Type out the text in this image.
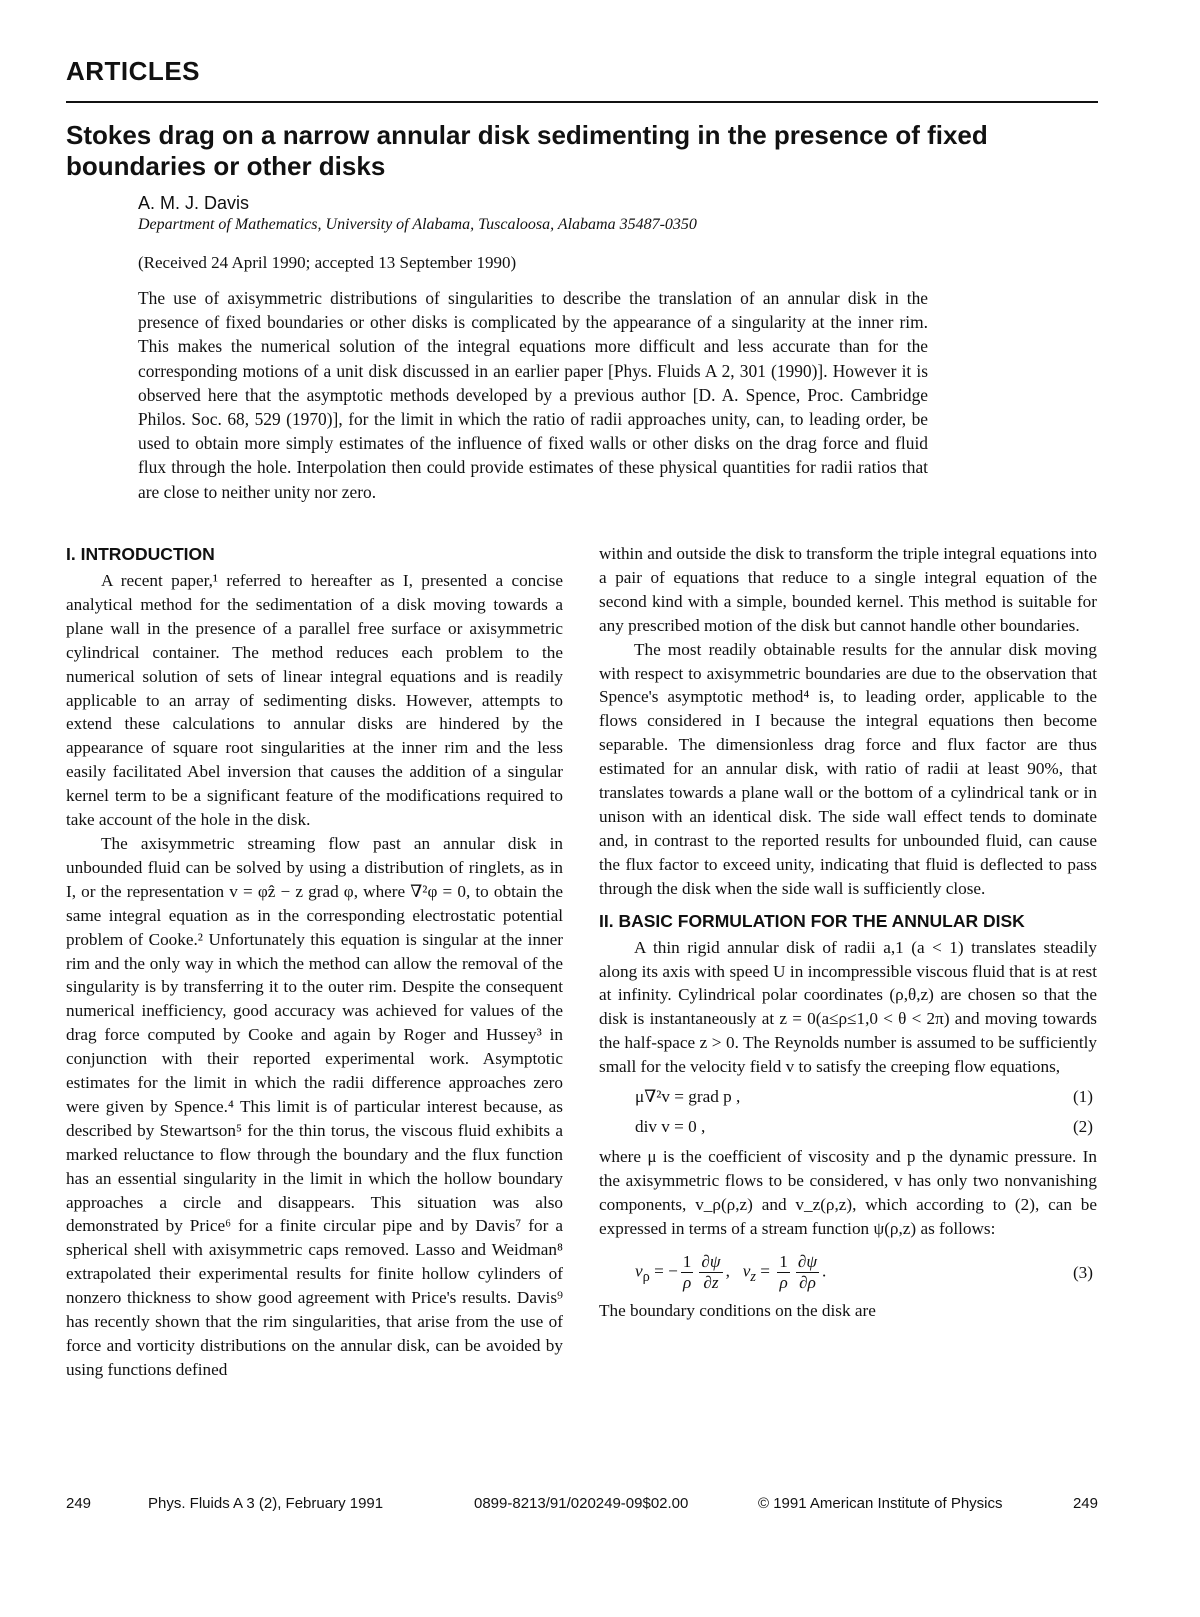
ARTICLES
Stokes drag on a narrow annular disk sedimenting in the presence of fixed boundaries or other disks
A. M. J. Davis
Department of Mathematics, University of Alabama, Tuscaloosa, Alabama 35487-0350
(Received 24 April 1990; accepted 13 September 1990)
The use of axisymmetric distributions of singularities to describe the translation of an annular disk in the presence of fixed boundaries or other disks is complicated by the appearance of a singularity at the inner rim. This makes the numerical solution of the integral equations more difficult and less accurate than for the corresponding motions of a unit disk discussed in an earlier paper [Phys. Fluids A 2, 301 (1990)]. However it is observed here that the asymptotic methods developed by a previous author [D. A. Spence, Proc. Cambridge Philos. Soc. 68, 529 (1970)], for the limit in which the ratio of radii approaches unity, can, to leading order, be used to obtain more simply estimates of the influence of fixed walls or other disks on the drag force and fluid flux through the hole. Interpolation then could provide estimates of these physical quantities for radii ratios that are close to neither unity nor zero.
I. INTRODUCTION

A recent paper,¹ referred to hereafter as I, presented a concise analytical method for the sedimentation of a disk moving towards a plane wall in the presence of a parallel free surface or axisymmetric cylindrical container. The method reduces each problem to the numerical solution of sets of linear integral equations and is readily applicable to an array of sedimenting disks. However, attempts to extend these calculations to annular disks are hindered by the appearance of square root singularities at the inner rim and the less easily facilitated Abel inversion that causes the addition of a singular kernel term to be a significant feature of the modifications required to take account of the hole in the disk.

The axisymmetric streaming flow past an annular disk in unbounded fluid can be solved by using a distribution of ringlets, as in I, or the representation v = φẑ − z grad φ, where ∇²φ = 0, to obtain the same integral equation as in the corresponding electrostatic potential problem of Cooke.² Unfortunately this equation is singular at the inner rim and the only way in which the method can allow the removal of the singularity is by transferring it to the outer rim. Despite the consequent numerical inefficiency, good accuracy was achieved for values of the drag force computed by Cooke and again by Roger and Hussey³ in conjunction with their reported experimental work. Asymptotic estimates for the limit in which the radii difference approaches zero were given by Spence.⁴ This limit is of particular interest because, as described by Stewartson⁵ for the thin torus, the viscous fluid exhibits a marked reluctance to flow through the boundary and the flux function has an essential singularity in the limit in which the hollow boundary approaches a circle and disappears. This situation was also demonstrated by Price⁶ for a finite circular pipe and by Davis⁷ for a spherical shell with axisymmetric caps removed. Lasso and Weidman⁸ extrapolated their experimental results for finite hollow cylinders of nonzero thickness to show good agreement with Price's results. Davis⁹ has recently shown that the rim singularities, that arise from the use of force and vorticity distributions on the annular disk, can be avoided by using functions defined

within and outside the disk to transform the triple integral equations into a pair of equations that reduce to a single integral equation of the second kind with a simple, bounded kernel. This method is suitable for any prescribed motion of the disk but cannot handle other boundaries.

The most readily obtainable results for the annular disk moving with respect to axisymmetric boundaries are due to the observation that Spence's asymptotic method⁴ is, to leading order, applicable to the flows considered in I because the integral equations then become separable. The dimensionless drag force and flux factor are thus estimated for an annular disk, with ratio of radii at least 90%, that translates towards a plane wall or the bottom of a cylindrical tank or in unison with an identical disk. The side wall effect tends to dominate and, in contrast to the reported results for unbounded fluid, can cause the flux factor to exceed unity, indicating that fluid is deflected to pass through the disk when the side wall is sufficiently close.

II. BASIC FORMULATION FOR THE ANNULAR DISK

A thin rigid annular disk of radii a,1 (a < 1) translates steadily along its axis with speed U in incompressible viscous fluid that is at rest at infinity. Cylindrical polar coordinates (ρ,θ,z) are chosen so that the disk is instantaneously at z = 0(a≤ρ≤1,0 < θ < 2π) and moving towards the half-space z > 0. The Reynolds number is assumed to be sufficiently small for the velocity field v to satisfy the creeping flow equations,

μ∇²v = grad p ,	(1)
div v = 0 ,	(2)

where μ is the coefficient of viscosity and p the dynamic pressure. In the axisymmetric flows to be considered, v has only two nonvanishing components, v_ρ(ρ,z) and v_z(ρ,z), which according to (2), can be expressed in terms of a stream function ψ(ρ,z) as follows:

$v_\rho$ = − $\frac{1}{\rho} \frac{\partial\psi}{\partial z}$ ,   $v_z = \frac{1}{\rho} \frac{\partial\psi}{\partial\rho}$ .	(3)

The boundary conditions on the disk are

249	Phys. Fluids A 3 (2), February 1991	0899-8213/91/020249-09$02.00	© 1991 American Institute of Physics	249
